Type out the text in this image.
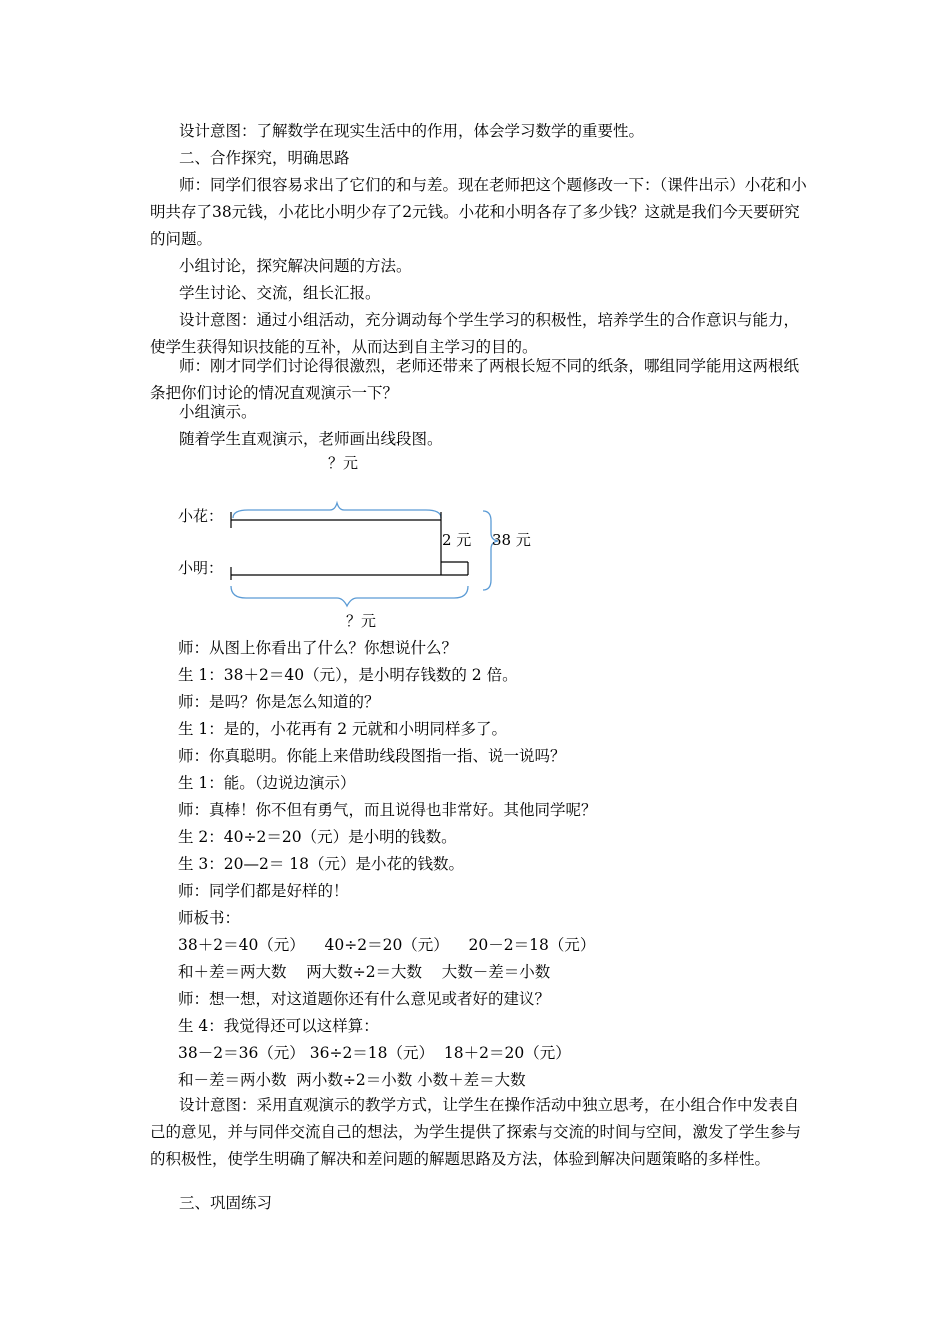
设计意图：了解数学在现实生活中的作用，体会学习数学的重要性。

二、合作探究，明确思路

师：同学们很容易求出了它们的和与差。现在老师把这个题修改一下：（课件出示）小花和小明共存了38元钱，小花比小明少存了2元钱。小花和小明各存了多少钱？这就是我们今天要研究的问题。

小组讨论，探究解决问题的方法。

学生讨论、交流，组长汇报。

设计意图：通过小组活动，充分调动每个学生学习的积极性，培养学生的合作意识与能力，使学生获得知识技能的互补，从而达到自主学习的目的。

师：刚才同学们讨论得很激烈，老师还带来了两根长短不同的纸条，哪组同学能用这两根纸条把你们讨论的情况直观演示一下？

小组演示。

随着学生直观演示，老师画出线段图。

？元
小花：
2 元 38 元
小明：
？元
师：从图上你看出了什么？你想说什么？
生 1：38＋2＝40（元），是小明存钱数的 2 倍。
师：是吗？你是怎么知道的？
生 1：是的，小花再有 2 元就和小明同样多了。
师：你真聪明。你能上来借助线段图指一指、说一说吗？
生 1：能。（边说边演示）
师：真棒！你不但有勇气，而且说得也非常好。其他同学呢？
生 2：40÷2＝20（元）是小明的钱数。
生 3：20—2＝ 18（元）是小花的钱数。
师：同学们都是好样的！
师板书：
38＋2＝40（元）    40÷2＝20（元）    20－2＝18（元）
和＋差＝两大数    两大数÷2＝大数    大数－差＝小数
师：想一想，对这道题你还有什么意见或者好的建议？
生 4：我觉得还可以这样算：
38－2＝36（元） 36÷2＝18（元）  18＋2＝20（元）
和－差＝两小数  两小数÷2＝小数 小数＋差＝大数

设计意图：采用直观演示的教学方式，让学生在操作活动中独立思考，在小组合作中发表自己的意见，并与同伴交流自己的想法，为学生提供了探索与交流的时间与空间，激发了学生参与的积极性，使学生明确了解决和差问题的解题思路及方法，体验到解决问题策略的多样性。

三、巩固练习
